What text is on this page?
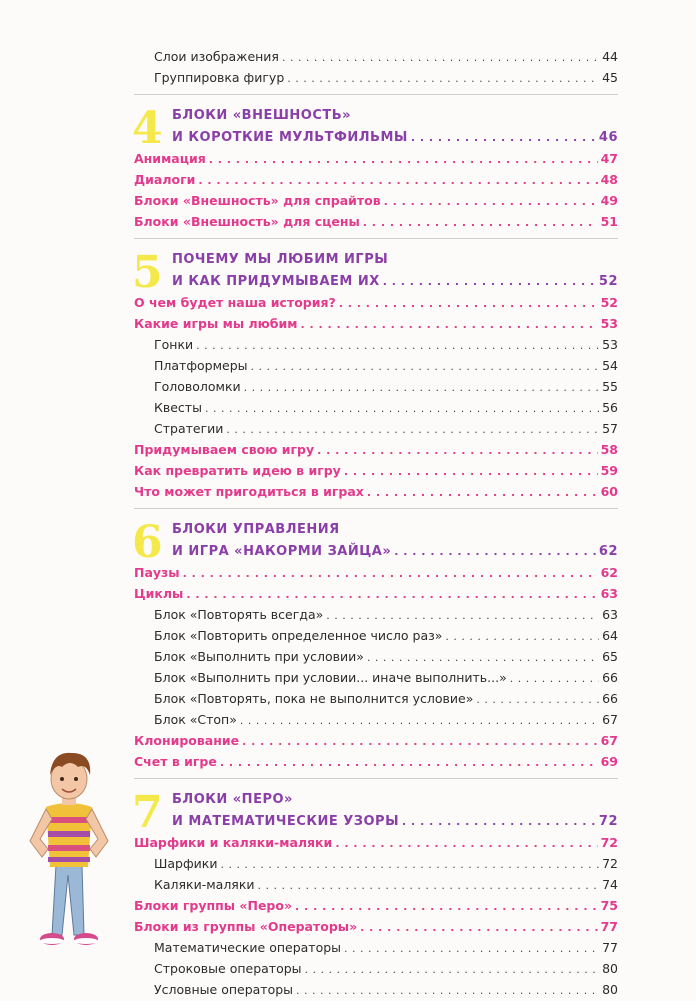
Слои изображения . . .	44
Группировка фигур . . .	45
4 БЛОКИ «ВНЕШНОСТЬ»
И КОРОТКИЕ МУЛЬТФИЛЬМЫ . . .	46
Анимация . . .	47
Диалоги . . .	48
Блоки «Внешность» для спрайтов . . .	49
Блоки «Внешность» для сцены . . .	51
5 ПОЧЕМУ МЫ ЛЮБИМ ИГРЫ
И КАК ПРИДУМЫВАЕМ ИХ . . .	52
О чем будет наша история? . . .	52
Какие игры мы любим . . .	53
Гонки . . .	53
Платформеры . . .	54
Головоломки . . .	55
Квесты . . .	56
Стратегии . . .	57
Придумываем свою игру . . .	58
Как превратить идею в игру . . .	59
Что может пригодиться в играх . . .	60
6 БЛОКИ УПРАВЛЕНИЯ
И ИГРА «НАКОРМИ ЗАЙЦА» . . .	62
Паузы . . .	62
Циклы . . .	63
Блок «Повторять всегда» . . .	63
Блок «Повторить определенное число раз» . . .	64
Блок «Выполнить при условии» . . .	65
Блок «Выполнить при условии... иначе выполнить...» . . .	66
Блок «Повторять, пока не выполнится условие» . . .	66
Блок «Стоп» . . .	67
Клонирование . . .	67
Счет в игре . . .	69
7 БЛОКИ «ПЕРО»
И МАТЕМАТИЧЕСКИЕ УЗОРЫ . . .	72
Шарфики и каляки-маляки . . .	72
Шарфики . . .	72
Каляки-маляки . . .	74
Блоки группы «Перо» . . .	75
Блоки из группы «Операторы» . . .	77
Математические операторы . . .	77
Строковые операторы . . .	80
Условные операторы . . .	80
